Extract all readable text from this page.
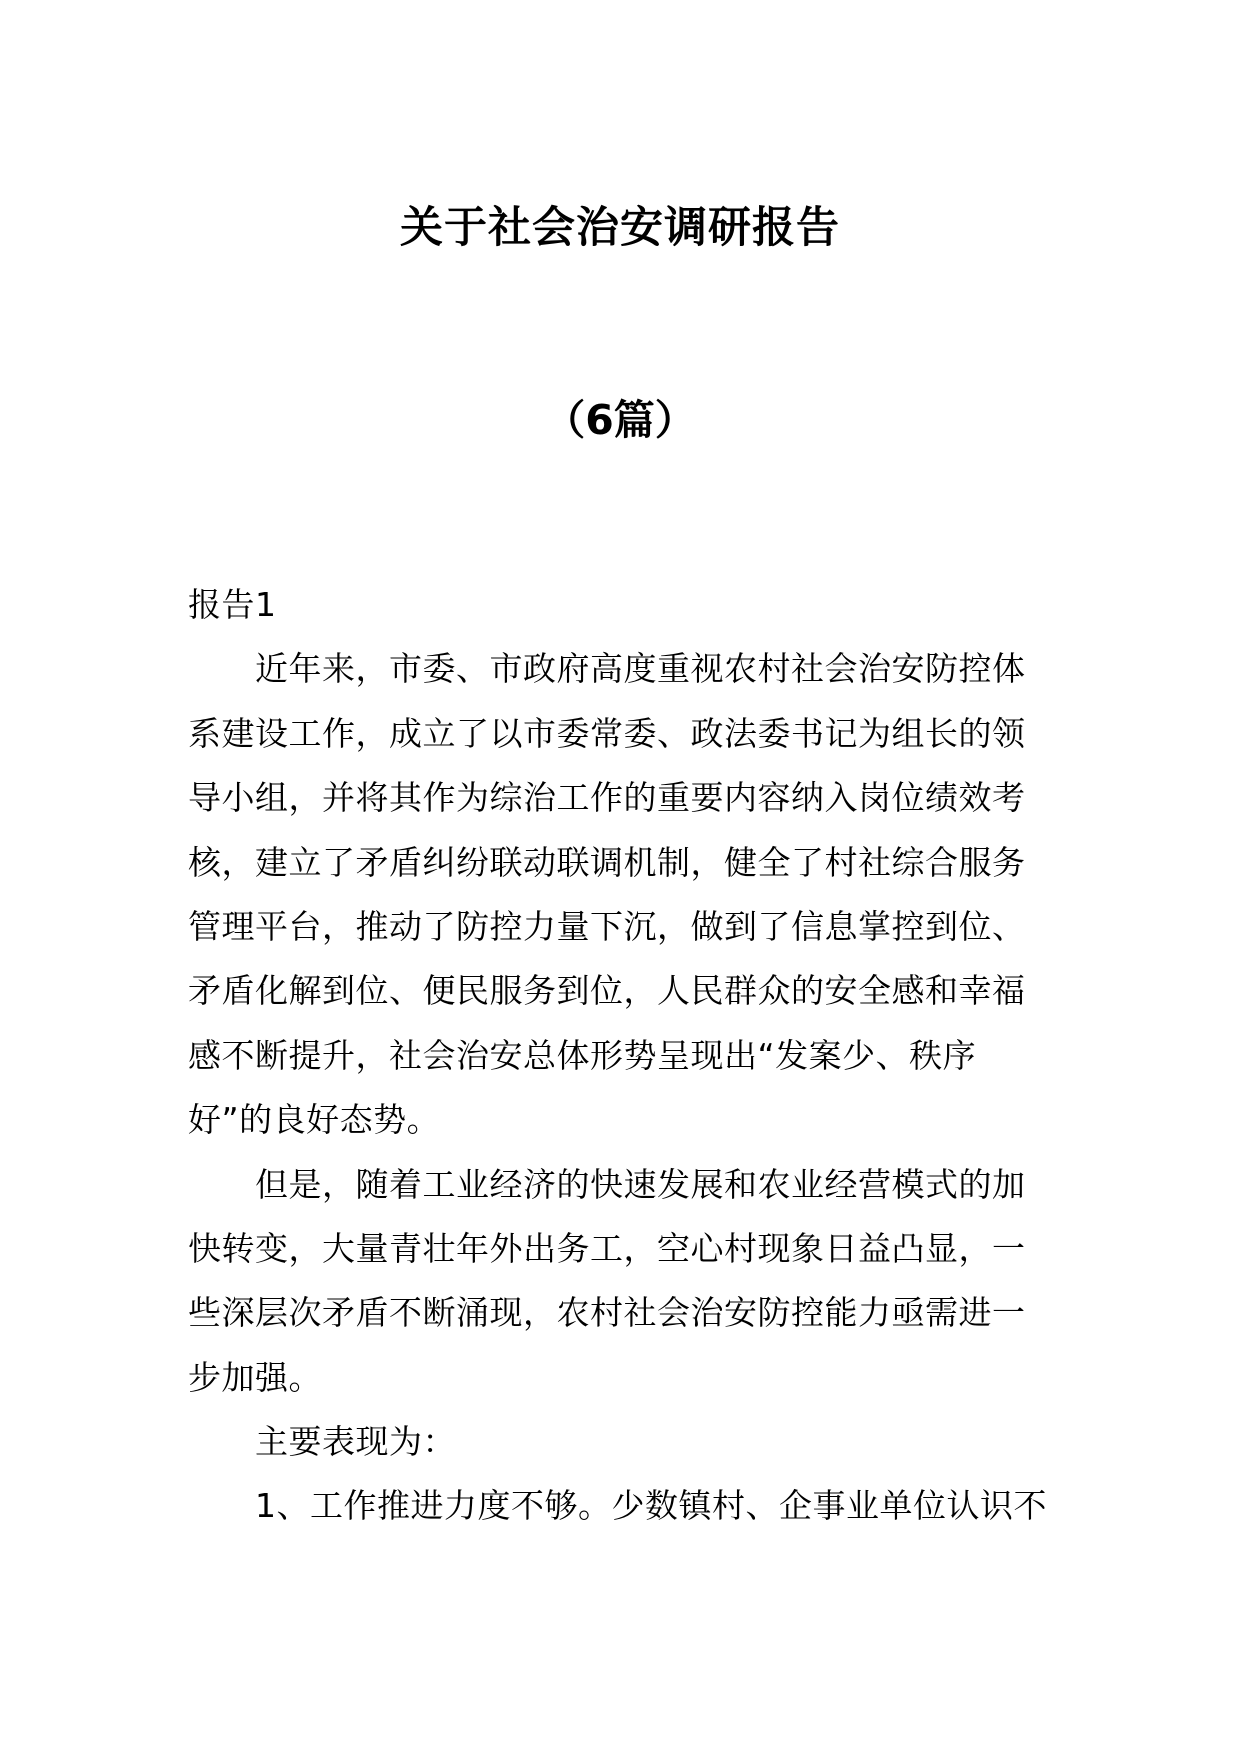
关于社会治安调研报告
（6篇）
报告1
近年来，市委、市政府高度重视农村社会治安防控体
系建设工作，成立了以市委常委、政法委书记为组长的领
导小组，并将其作为综治工作的重要内容纳入岗位绩效考
核，建立了矛盾纠纷联动联调机制，健全了村社综合服务
管理平台，推动了防控力量下沉，做到了信息掌控到位、
矛盾化解到位、便民服务到位，人民群众的安全感和幸福
感不断提升，社会治安总体形势呈现出“发案少、秩序
好”的良好态势。
但是，随着工业经济的快速发展和农业经营模式的加
快转变，大量青壮年外出务工，空心村现象日益凸显，一
些深层次矛盾不断涌现，农村社会治安防控能力亟需进一
步加强。
主要表现为：
1、工作推进力度不够。少数镇村、企事业单位认识不
